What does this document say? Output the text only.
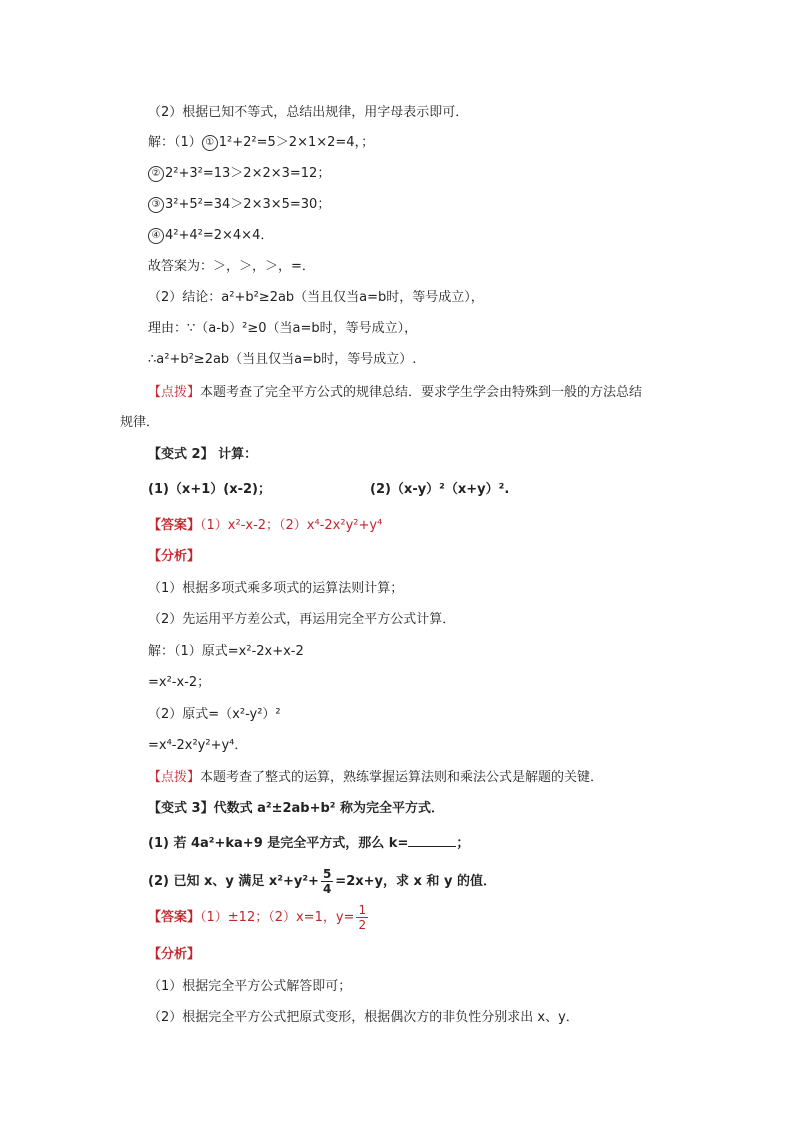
（2）根据已知不等式，总结出规律，用字母表示即可．
解：（1） ① 1²+2²=5＞2×1×2=4，；
② 2²+3²=13＞2×2×3=12；
③ 3²+5²=34＞2×3×5=30；
④ 4²+4²=2×4×4．
故答案为：＞，＞，＞，=．
（2）结论：a²+b²≥2ab（当且仅当a=b时，等号成立），
理由：∵（a-b）²≥0（当a=b时，等号成立），
∴a²+b²≥2ab（当且仅当a=b时，等号成立）.
【点拨】本题考查了完全平方公式的规律总结．要求学生学会由特殊到一般的方法总结
规律．
【变式 2】 计算：
(1)（x+1）(x-2)；	(2)（x-y）²（x+y）².
【答案】（1）x²-x-2；（2）x⁴-2x²y²+y⁴
【分析】
（1）根据多项式乘多项式的运算法则计算；
（2）先运用平方差公式，再运用完全平方公式计算．
解：（1）原式=x²-2x+x-2
=x²-x-2；
（2）原式=（x²-y²）²
=x⁴-2x²y²+y⁴．
【点拨】本题考查了整式的运算，熟练掌握运算法则和乘法公式是解题的关键．
【变式 3】代数式 a²±2ab+b² 称为完全平方式．
(1) 若 4a²+ka+9 是完全平方式，那么 k=	；
(2) 已知 x、y 满足 $x^2+y^2+ \frac{5}{4} =2x+y$，求 x 和 y 的值．
【答案】（1）±12；（2）x=1，$y= \frac{1}{2}$
【分析】
（1）根据完全平方公式解答即可；
（2）根据完全平方公式把原式变形，根据偶次方的非负性分别求出 x、y．
